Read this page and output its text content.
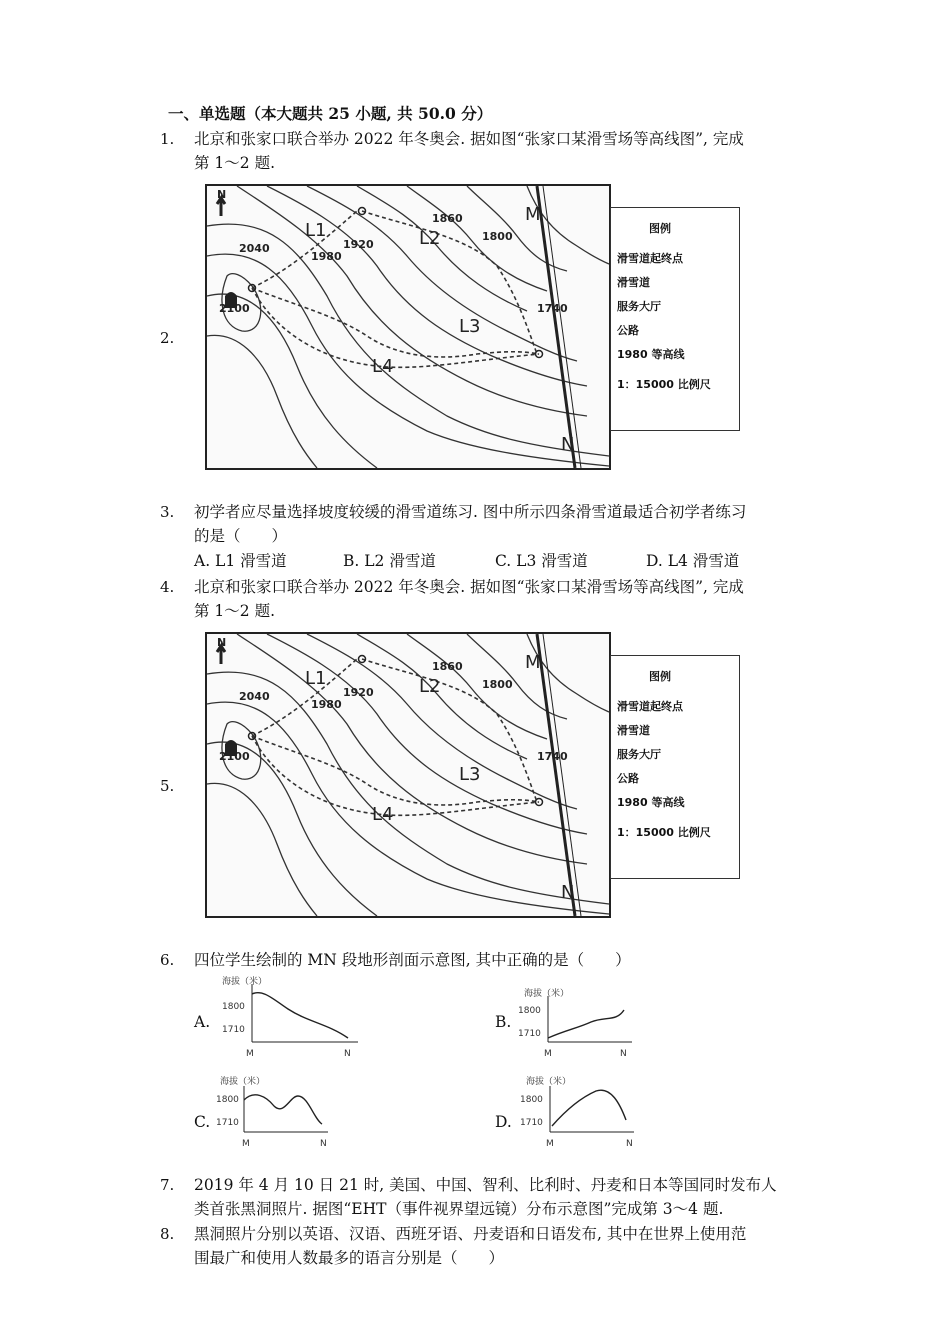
一、单选题（本大题共 25 小题, 共 50.0 分）
1. 北京和张家口联合举办 2022 年冬奥会. 据如图“张家口某滑雪场等高线图”, 完成
第 1～2 题.
2.
N
L1	L2
L3
L4
2040
1980
1920
1860
1800
2100	1740
M
N
图例
滑雪道起终点
滑雪道
服务大厅
公路
1980 等高线
1：15000 比例尺
3. 初学者应尽量选择坡度较缓的滑雪道练习. 图中所示四条滑雪道最适合初学者练习
的是（　　）
A. L1 滑雪道	B. L2 滑雪道	C. L3 滑雪道	D. L4 滑雪道
4. 北京和张家口联合举办 2022 年冬奥会. 据如图“张家口某滑雪场等高线图”, 完成
第 1～2 题.
5.
N
L1	L2
L3
L4
2040
1980
1920
1860
1800
2100	1740
M
N
图例
滑雪道起终点
滑雪道
服务大厅
公路
1980 等高线
1：15000 比例尺
6. 四位学生绘制的 MN 段地形剖面示意图, 其中正确的是（　　）
A.	B.
C.	D.
海拔（米）
1800
1710
M	N
海拔（米）
1800
1710
M	N
海拔（米）
1800
1710
M	N
海拔（米）
1800
1710
M	N
7. 2019 年 4 月 10 日 21 时, 美国、中国、智利、比利时、丹麦和日本等国同时发布人
类首张黑洞照片. 据图“EHT（事件视界望远镜）分布示意图”完成第 3～4 题.
8. 黑洞照片分别以英语、汉语、西班牙语、丹麦语和日语发布, 其中在世界上使用范
围最广和使用人数最多的语言分别是（　　）
